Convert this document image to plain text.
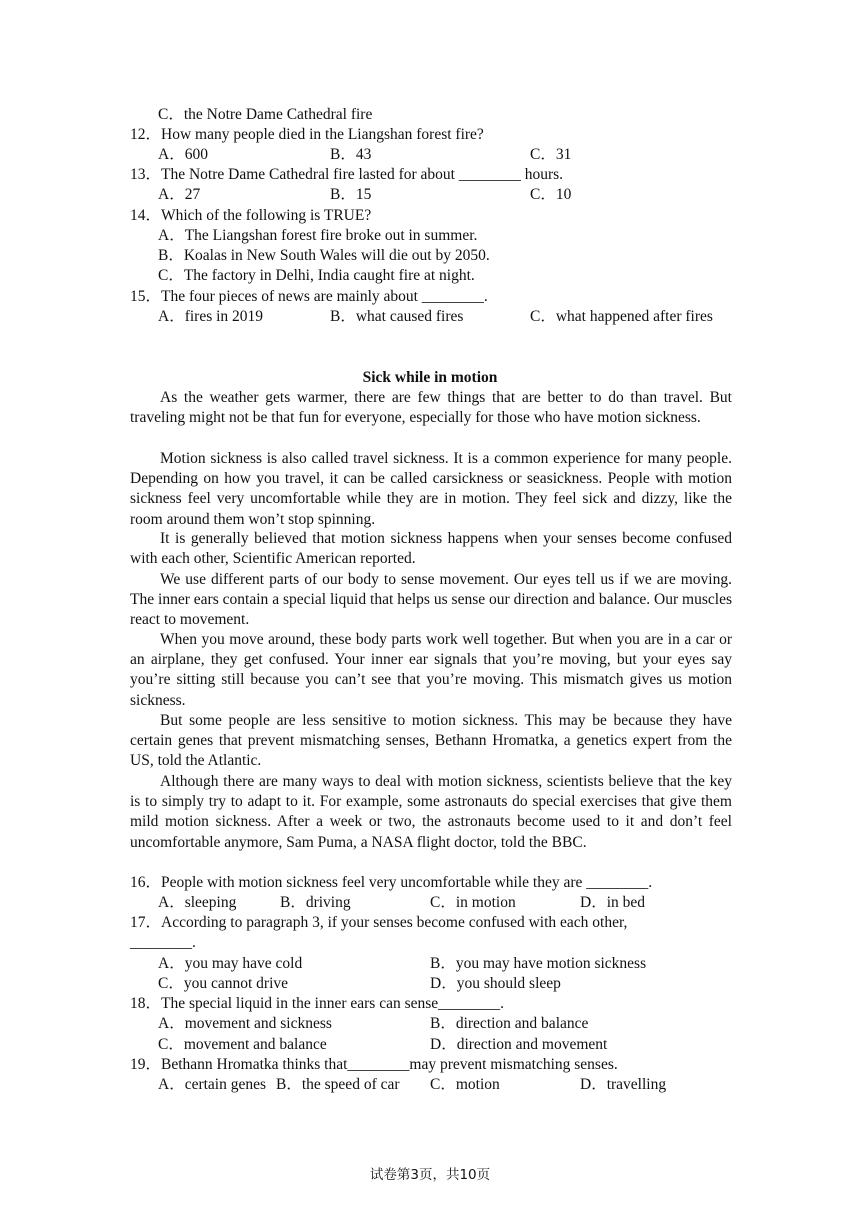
C．the Notre Dame Cathedral fire
12．How many people died in the Liangshan forest fire?
A．600	B．43	C．31
13．The Notre Dame Cathedral fire lasted for about ________ hours.
A．27	B．15	C．10
14．Which of the following is TRUE?
A．The Liangshan forest fire broke out in summer.
B．Koalas in New South Wales will die out by 2050.
C．The factory in Delhi, India caught fire at night.
15．The four pieces of news are mainly about ________.
A．fires in 2019	B．what caused fires	C．what happened after fires
Sick while in motion

As the weather gets warmer, there are few things that are better to do than travel. But traveling might not be that fun for everyone, especially for those who have motion sickness.

Motion sickness is also called travel sickness. It is a common experience for many people. Depending on how you travel, it can be called carsickness or seasickness. People with motion sickness feel very uncomfortable while they are in motion. They feel sick and dizzy, like the room around them won’t stop spinning.

It is generally believed that motion sickness happens when your senses become confused with each other, Scientific American reported.

We use different parts of our body to sense movement. Our eyes tell us if we are moving. The inner ears contain a special liquid that helps us sense our direction and balance. Our muscles react to movement.

When you move around, these body parts work well together. But when you are in a car or an airplane, they get confused. Your inner ear signals that you’re moving, but your eyes say you’re sitting still because you can’t see that you’re moving. This mismatch gives us motion sickness.

But some people are less sensitive to motion sickness. This may be because they have certain genes that prevent mismatching senses, Bethann Hromatka, a genetics expert from the US, told the Atlantic.

Although there are many ways to deal with motion sickness, scientists believe that the key is to simply try to adapt to it. For example, some astronauts do special exercises that give them mild motion sickness. After a week or two, the astronauts become used to it and don’t feel uncomfortable anymore, Sam Puma, a NASA flight doctor, told the BBC.

16．People with motion sickness feel very uncomfortable while they are ________.
A．sleeping	B．driving	C．in motion	D．in bed
17．According to paragraph 3, if your senses become confused with each other,
________.
A．you may have cold	B．you may have motion sickness
C．you cannot drive	D．you should sleep
18．The special liquid in the inner ears can sense________.
A．movement and sickness	B．direction and balance
C．movement and balance	D．direction and movement
19．Bethann Hromatka thinks that________may prevent mismatching senses.
A．certain genes B．the speed of car C．motion	D．travelling
试卷第3页，共10页
